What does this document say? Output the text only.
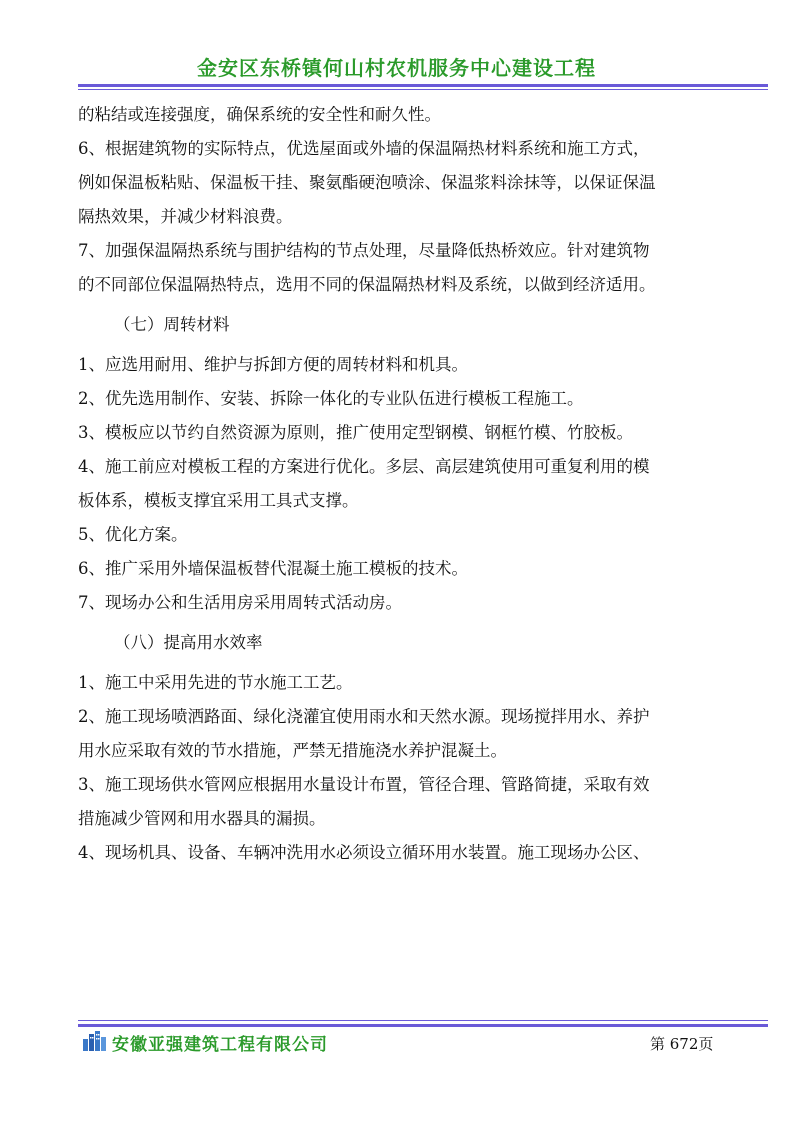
金安区东桥镇何山村农机服务中心建设工程

的粘结或连接强度，确保系统的安全性和耐久性。

6、根据建筑物的实际特点，优选屋面或外墙的保温隔热材料系统和施工方式，

例如保温板粘贴、保温板干挂、聚氨酯硬泡喷涂、保温浆料涂抹等，以保证保温

隔热效果，并减少材料浪费。

7、加强保温隔热系统与围护结构的节点处理，尽量降低热桥效应。针对建筑物

的不同部位保温隔热特点，选用不同的保温隔热材料及系统，以做到经济适用。

（七）周转材料

1、应选用耐用、维护与拆卸方便的周转材料和机具。

2、优先选用制作、安装、拆除一体化的专业队伍进行模板工程施工。

3、模板应以节约自然资源为原则，推广使用定型钢模、钢框竹模、竹胶板。

4、施工前应对模板工程的方案进行优化。多层、高层建筑使用可重复利用的模

板体系，模板支撑宜采用工具式支撑。

5、优化方案。

6、推广采用外墙保温板替代混凝土施工模板的技术。

7、现场办公和生活用房采用周转式活动房。

（八）提高用水效率

1、施工中采用先进的节水施工工艺。

2、施工现场喷洒路面、绿化浇灌宜使用雨水和天然水源。现场搅拌用水、养护

用水应采取有效的节水措施，严禁无措施浇水养护混凝土。

3、施工现场供水管网应根据用水量设计布置，管径合理、管路简捷，采取有效

措施减少管网和用水器具的漏损。

4、现场机具、设备、车辆冲洗用水必须设立循环用水装置。施工现场办公区、

安徽亚强建筑工程有限公司	第 672页
